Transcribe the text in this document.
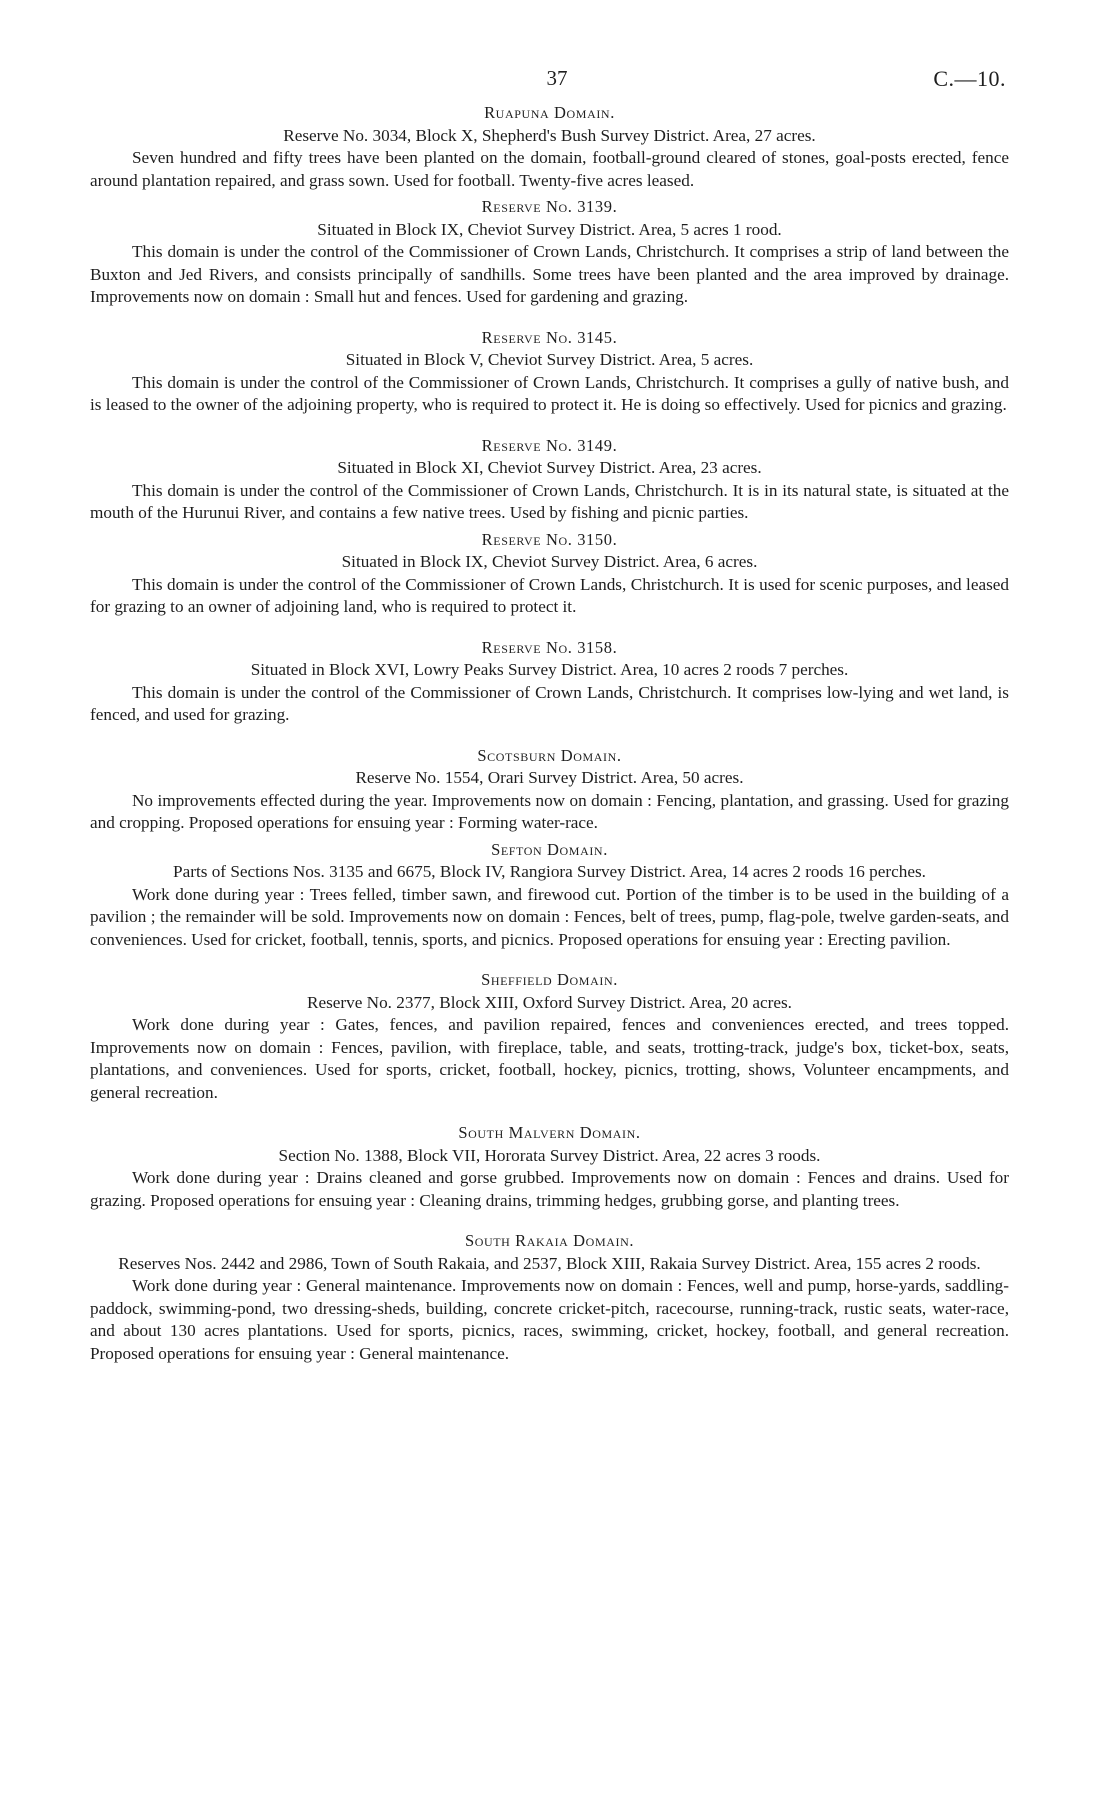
37	C.—10.
Ruapuna Domain.
Reserve No. 3034, Block X, Shepherd's Bush Survey District. Area, 27 acres.
Seven hundred and fifty trees have been planted on the domain, football-ground cleared of stones, goal-posts erected, fence around plantation repaired, and grass sown. Used for football. Twenty-five acres leased.
Reserve No. 3139.
Situated in Block IX, Cheviot Survey District. Area, 5 acres 1 rood.
This domain is under the control of the Commissioner of Crown Lands, Christchurch. It comprises a strip of land between the Buxton and Jed Rivers, and consists principally of sandhills. Some trees have been planted and the area improved by drainage. Improvements now on domain : Small hut and fences. Used for gardening and grazing.
Reserve No. 3145.
Situated in Block V, Cheviot Survey District. Area, 5 acres.
This domain is under the control of the Commissioner of Crown Lands, Christchurch. It comprises a gully of native bush, and is leased to the owner of the adjoining property, who is required to protect it. He is doing so effectively. Used for picnics and grazing.
Reserve No. 3149.
Situated in Block XI, Cheviot Survey District. Area, 23 acres.
This domain is under the control of the Commissioner of Crown Lands, Christchurch. It is in its natural state, is situated at the mouth of the Hurunui River, and contains a few native trees. Used by fishing and picnic parties.
Reserve No. 3150.
Situated in Block IX, Cheviot Survey District. Area, 6 acres.
This domain is under the control of the Commissioner of Crown Lands, Christchurch. It is used for scenic purposes, and leased for grazing to an owner of adjoining land, who is required to protect it.
Reserve No. 3158.
Situated in Block XVI, Lowry Peaks Survey District. Area, 10 acres 2 roods 7 perches.
This domain is under the control of the Commissioner of Crown Lands, Christchurch. It comprises low-lying and wet land, is fenced, and used for grazing.
Scotsburn Domain.
Reserve No. 1554, Orari Survey District. Area, 50 acres.
No improvements effected during the year. Improvements now on domain : Fencing, plantation, and grassing. Used for grazing and cropping. Proposed operations for ensuing year : Forming water-race.
Sefton Domain.
Parts of Sections Nos. 3135 and 6675, Block IV, Rangiora Survey District. Area, 14 acres 2 roods 16 perches.
Work done during year : Trees felled, timber sawn, and firewood cut. Portion of the timber is to be used in the building of a pavilion ; the remainder will be sold. Improvements now on domain : Fences, belt of trees, pump, flag-pole, twelve garden-seats, and conveniences. Used for cricket, football, tennis, sports, and picnics. Proposed operations for ensuing year : Erecting pavilion.
Sheffield Domain.
Reserve No. 2377, Block XIII, Oxford Survey District. Area, 20 acres.
Work done during year : Gates, fences, and pavilion repaired, fences and conveniences erected, and trees topped. Improvements now on domain : Fences, pavilion, with fireplace, table, and seats, trotting-track, judge's box, ticket-box, seats, plantations, and conveniences. Used for sports, cricket, football, hockey, picnics, trotting, shows, Volunteer encampments, and general recreation.
South Malvern Domain.
Section No. 1388, Block VII, Hororata Survey District. Area, 22 acres 3 roods.
Work done during year : Drains cleaned and gorse grubbed. Improvements now on domain : Fences and drains. Used for grazing. Proposed operations for ensuing year : Cleaning drains, trimming hedges, grubbing gorse, and planting trees.
South Rakaia Domain.
Reserves Nos. 2442 and 2986, Town of South Rakaia, and 2537, Block XIII, Rakaia Survey District. Area, 155 acres 2 roods.
Work done during year : General maintenance. Improvements now on domain : Fences, well and pump, horse-yards, saddling-paddock, swimming-pond, two dressing-sheds, building, concrete cricket-pitch, racecourse, running-track, rustic seats, water-race, and about 130 acres plantations. Used for sports, picnics, races, swimming, cricket, hockey, football, and general recreation. Proposed operations for ensuing year : General maintenance.
